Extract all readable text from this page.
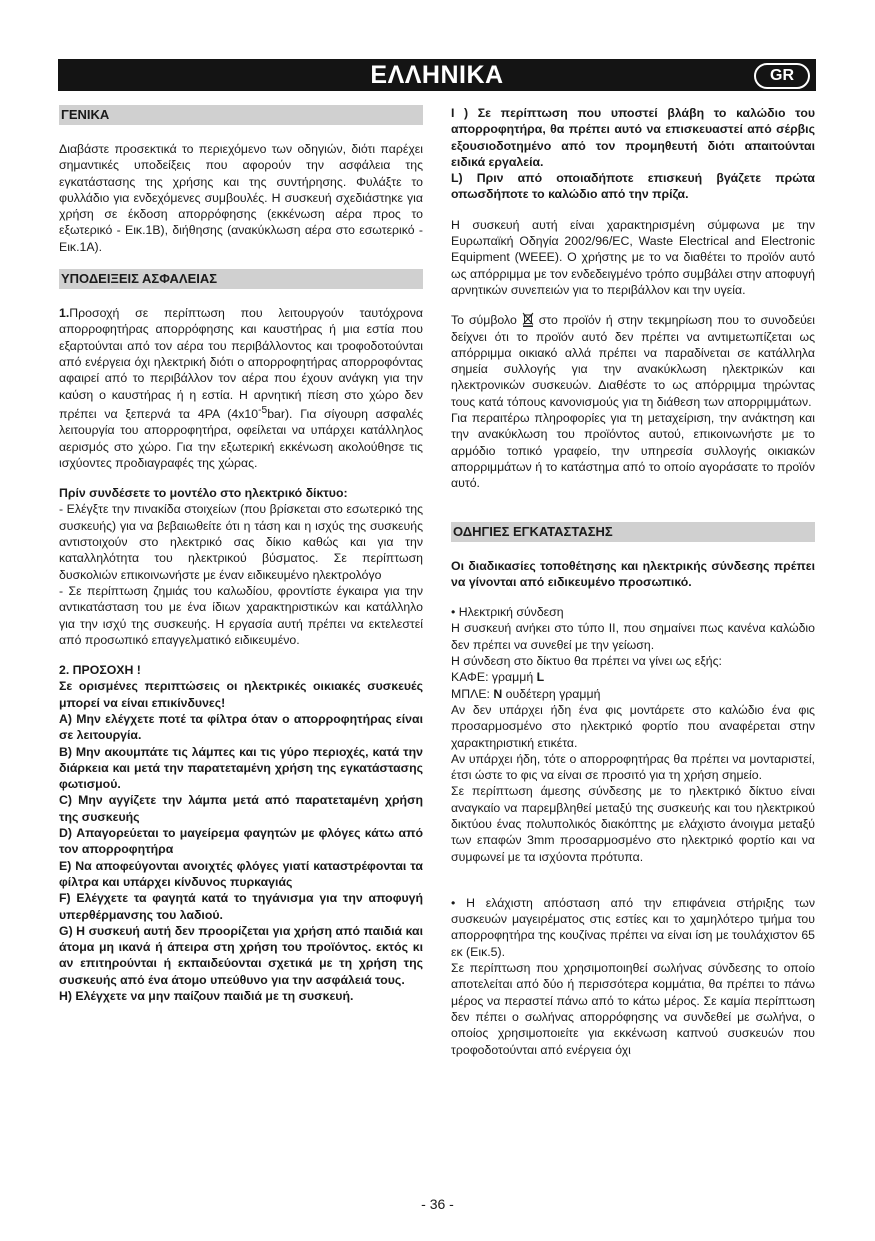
ΕΛΛΗΝΙΚΑ	GR
ΓΕΝΙΚΑ
Διαβάστε προσεκτικά το περιεχόμενο των οδηγιών, διότι παρέχει σημαντικές υποδείξεις που αφορούν την ασφάλεια της εγκατάστασης της χρήσης και της συντήρησης. Φυλάξτε το φυλλάδιο για ενδεχόμενες συμβουλές. Η συσκευή σχεδιάστηκε για χρήση σε έκδοση απορρόφησης (εκκένωση αέρα προς το εξωτερικό - Εικ.1B), διήθησης (ανακύκλωση αέρα στο εσωτερικό - Εικ.1A).
ΥΠΟΔΕΙΞΕΙΣ ΑΣΦΑΛΕΙΑΣ
1.Προσοχή σε περίπτωση που λειτουργούν ταυτόχρονα απορροφητήρας απορρόφησης και καυστήρας ή μια εστία που εξαρτούνται από τον αέρα του περιβάλλοντος και τροφοδοτούνται από ενέργεια όχι ηλεκτρική διότι ο απορροφητήρας απορροφόντας αφαιρεί από το περιβάλλον τον αέρα που έχουν ανάγκη για την καύση ο καυστήρας ή η εστία. Η αρνητική πίεση στο χώρο δεν πρέπει να ξεπερνά τα 4PA $(4x10^{-5}bar)$. Για σίγουρη ασφαλές λειτουργία του απορροφητήρα, οφείλεται να υπάρχει κατάλληλος αερισμός στο χώρο. Για την εξωτερική εκκένωση ακολούθησε τις ισχύοντες προδιαγραφές της χώρας.
Πρίν συνδέσετε το μοντέλο στο ηλεκτρικό δίκτυο:
- Ελέγξτε την πινακίδα στοιχείων (που βρίσκεται στο εσωτερικό της συσκευής) για να βεβαιωθείτε ότι η τάση και η ισχύς της συσκευής αντιστοιχούν στο ηλεκτρικό σας δίκιο καθώς και για την καταλληλότητα του ηλεκτρικού βύσματος. Σε περίπτωση δυσκολιών επικοινωνήστε με έναν ειδικευμένο ηλεκτρολόγο
- Σε περίπτωση ζημιάς του καλωδίου, φροντίστε έγκαιρα για την αντικατάσταση του με ένα ίδιων χαρακτηριστικών και κατάλληλο για την ισχύ της συσκευής. Η εργασία αυτή πρέπει να εκτελεστεί από προσωπικό επαγγελματικό ειδικευμένο.
2. ΠΡΟΣΟΧΗ !
Σε ορισμένες περιπτώσεις οι ηλεκτρικές οικιακές συσκευές μπορεί να είναι επικίνδυνες!
A) Μην ελέγχετε ποτέ τα φίλτρα όταν ο απορροφητήρας είναι σε λειτουργία.
B) Μην ακουμπάτε τις λάμπες και τις γύρο περιοχές, κατά την διάρκεια και μετά την παρατεταμένη χρήση της εγκατάστασης φωτισμού.
C) Μην αγγίζετε την λάμπα μετά από παρατεταμένη χρήση της συσκευής
D) Απαγορεύεται το μαγείρεμα φαγητών με φλόγες κάτω από τον απορροφητήρα
E) Να αποφεύγονται ανοιχτές φλόγες γιατί καταστρέφονται τα φίλτρα και υπάρχει κίνδυνος πυρκαγιάς
F) Ελέγχετε τα φαγητά κατά το τηγάνισμα για την αποφυγή υπερθέρμανσης του λαδιού.
G) Η συσκευή αυτή δεν προορίζεται για χρήση από παιδιά και άτομα μη ικανά ή άπειρα στη χρήση του προϊόντος. εκτός κι αν επιτηρούνται ή εκπαιδεύονται σχετικά με τη χρήση της συσκευής από ένα άτομο υπεύθυνο για την ασφάλειά τους.
H) Ελέγχετε να μην παίζουν παιδιά με τη συσκευή.
I ) Σε περίπτωση που υποστεί βλάβη το καλώδιο του απορροφητήρα, θα πρέπει αυτό να επισκευαστεί από σέρβις εξουσιοδοτημένο από τον προμηθευτή διότι απαιτούνται ειδικά εργαλεία.
L) Πριν από οποιαδήποτε επισκευή βγάζετε πρώτα οπωσδήποτε το καλώδιο από την πρίζα.
Η συσκευή αυτή είναι χαρακτηρισμένη σύμφωνα με την Ευρωπαϊκή Οδηγία 2002/96/EC, Waste Electrical and Electronic Equipment (WEEE). O χρήστης με το να διαθέτει το προϊόν αυτό ως απόρριμμα με τον ενδεδειγμένο τρόπο συμβάλει στην αποφυγή αρνητικών συνεπειών για το περιβάλλον και την υγεία.
Το σύμβολο στο προϊόν ή στην τεκμηρίωση που το συνοδεύει δείχνει ότι το προϊόν αυτό δεν πρέπει να αντιμετωπίζεται ως απόρριμμα οικιακό αλλά πρέπει να παραδίνεται σε κατάλληλα σημεία συλλογής για την ανακύκλωση ηλεκτρικών και ηλεκτρονικών συσκευών. Διαθέστε το ως απόρριμμα τηρώντας τους κατά τόπους κανονισμούς για τη διάθεση των απορριμμάτων.
Για περαιτέρω πληροφορίες για τη μεταχείριση, την ανάκτηση και την ανακύκλωση του προϊόντος αυτού, επικοινωνήστε με το αρμόδιο τοπικό γραφείο, την υπηρεσία συλλογής οικιακών απορριμμάτων ή το κατάστημα από το οποίο αγοράσατε το προϊόν αυτό.
ΟΔΗΓΙΕΣ ΕΓΚΑΤΑΣΤΑΣΗΣ
Οι διαδικασίες τοποθέτησης και ηλεκτρικής σύνδεσης πρέπει να γίνονται από ειδικευμένο προσωπικό.
• Ηλεκτρική σύνδεση
Η συσκευή ανήκει στο τύπο II, που σημαίνει πως κανένα καλώδιο δεν πρέπει να συνεθεί με την γείωση.
Η σύνδεση στο δίκτυο θα πρέπει να γίνει ως εξής:
ΚΑΦΕ: γραμμή L
ΜΠΛΕ: N ουδέτερη γραμμή
Αν δεν υπάρχει ήδη ένα φις μοντάρετε στο καλώδιο ένα φις προσαρμοσμένο στο ηλεκτρικό φορτίο που αναφέρεται στην χαρακτηριστική ετικέτα.
Αν υπάρχει ήδη, τότε ο απορροφητήρας θα πρέπει να μονταριστεί, έτσι ώστε το φις να είναι σε προσιτό για τη χρήση σημείο.
Σε περίπτωση άμεσης σύνδεσης με το ηλεκτρικό δίκτυο είναι αναγκαίο να παρεμβληθεί μεταξύ της συσκευής και του ηλεκτρικού δικτύου ένας πολυπολικός διακόπτης με ελάχιστο άνοιγμα μεταξύ των επαφών 3mm προσαρμοσμένο στο ηλεκτρικό φορτίο και να συμφωνεί με τα ισχύοντα πρότυπα.
• Η ελάχιστη απόσταση από την επιφάνεια στήριξης των συσκευών μαγειρέματος στις εστίες και το χαμηλότερο τμήμα του απορροφητήρα της κουζίνας πρέπει να είναι ίση με τουλάχιστον 65 εκ (Εικ.5).
Σε περίπτωση που χρησιμοποιηθεί σωλήνας σύνδεσης το οποίο αποτελείται από δύο ή περισσότερα κομμάτια, θα πρέπει το πάνω μέρος να περαστεί πάνω από το κάτω μέρος. Σε καμία περίπτωση δεν πέπει ο σωλήνας απορρόφησης να συνδεθεί με σωλήνα, ο οποίος χρησιμοποιείτε για εκκένωση καπνού συσκευών που τροφοδοτούνται από ενέργεια όχι
- 36 -
